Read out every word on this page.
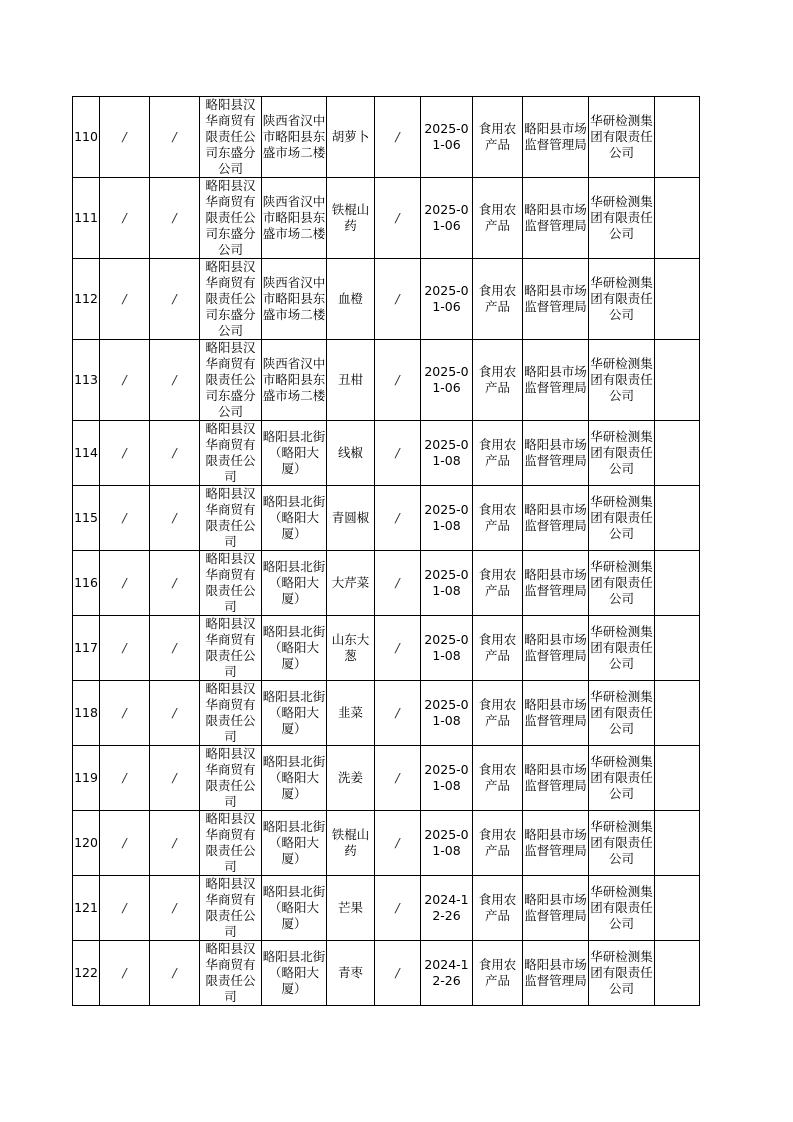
110	/	/	略阳县汉华商贸有限责任公司东盛分公司	陕西省汉中市略阳县东盛市场二楼	胡萝卜	/	2025-01-06	食用农产品	略阳县市场监督管理局	华研检测集团有限责任公司	
111	/	/	略阳县汉华商贸有限责任公司东盛分公司	陕西省汉中市略阳县东盛市场二楼	铁棍山药	/	2025-01-06	食用农产品	略阳县市场监督管理局	华研检测集团有限责任公司	
112	/	/	略阳县汉华商贸有限责任公司东盛分公司	陕西省汉中市略阳县东盛市场二楼	血橙	/	2025-01-06	食用农产品	略阳县市场监督管理局	华研检测集团有限责任公司	
113	/	/	略阳县汉华商贸有限责任公司东盛分公司	陕西省汉中市略阳县东盛市场二楼	丑柑	/	2025-01-06	食用农产品	略阳县市场监督管理局	华研检测集团有限责任公司	
114	/	/	略阳县汉华商贸有限责任公司	略阳县北街（略阳大厦）	线椒	/	2025-01-08	食用农产品	略阳县市场监督管理局	华研检测集团有限责任公司	
115	/	/	略阳县汉华商贸有限责任公司	略阳县北街（略阳大厦）	青圆椒	/	2025-01-08	食用农产品	略阳县市场监督管理局	华研检测集团有限责任公司	
116	/	/	略阳县汉华商贸有限责任公司	略阳县北街（略阳大厦）	大芹菜	/	2025-01-08	食用农产品	略阳县市场监督管理局	华研检测集团有限责任公司	
117	/	/	略阳县汉华商贸有限责任公司	略阳县北街（略阳大厦）	山东大葱	/	2025-01-08	食用农产品	略阳县市场监督管理局	华研检测集团有限责任公司	
118	/	/	略阳县汉华商贸有限责任公司	略阳县北街（略阳大厦）	韭菜	/	2025-01-08	食用农产品	略阳县市场监督管理局	华研检测集团有限责任公司	
119	/	/	略阳县汉华商贸有限责任公司	略阳县北街（略阳大厦）	洗姜	/	2025-01-08	食用农产品	略阳县市场监督管理局	华研检测集团有限责任公司	
120	/	/	略阳县汉华商贸有限责任公司	略阳县北街（略阳大厦）	铁棍山药	/	2025-01-08	食用农产品	略阳县市场监督管理局	华研检测集团有限责任公司	
121	/	/	略阳县汉华商贸有限责任公司	略阳县北街（略阳大厦）	芒果	/	2024-12-26	食用农产品	略阳县市场监督管理局	华研检测集团有限责任公司	
122	/	/	略阳县汉华商贸有限责任公司	略阳县北街（略阳大厦）	青枣	/	2024-12-26	食用农产品	略阳县市场监督管理局	华研检测集团有限责任公司	
